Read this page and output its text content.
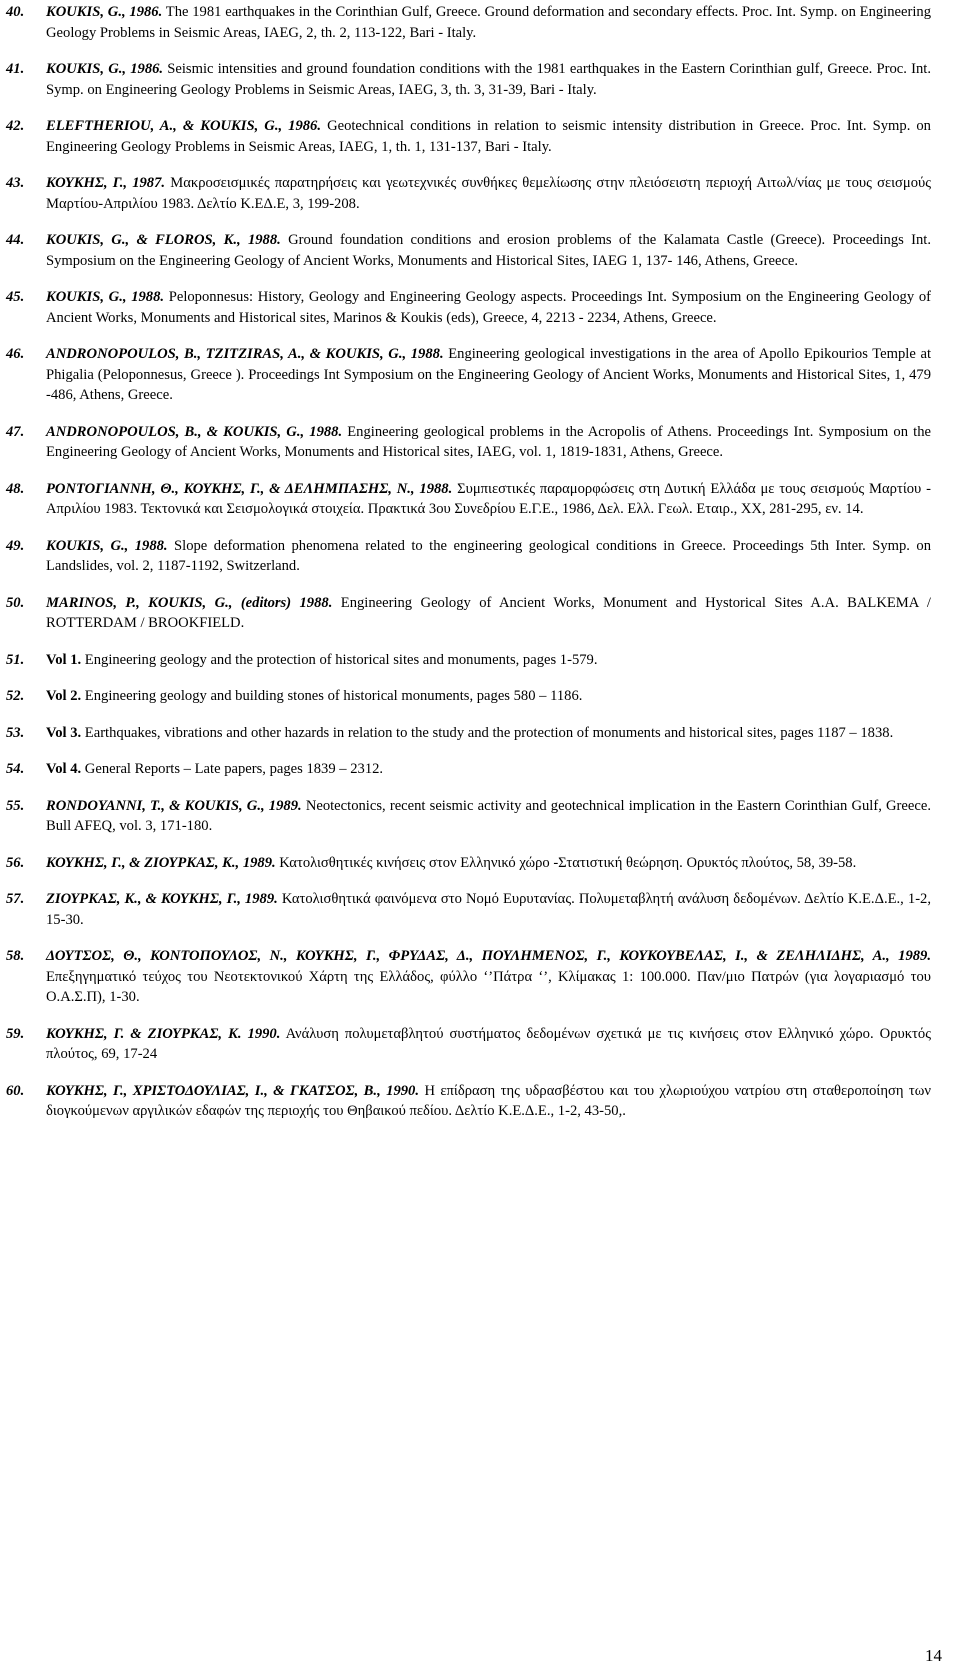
40. KOUKIS, G., 1986. The 1981 earthquakes in the Corinthian Gulf, Greece. Ground deformation and secondary effects. Proc. Int. Symp. on Engineering Geology Problems in Seismic Areas, IAEG, 2, th. 2, 113-122, Bari - Italy.

41. KOUKIS, G., 1986. Seismic intensities and ground foundation conditions with the 1981 earthquakes in the Eastern Corinthian gulf, Greece. Proc. Int. Symp. on Engineering Geology Problems in Seismic Areas, IAEG, 3, th. 3, 31-39, Bari - Italy.

42. ELEFTHERIOU, A., & KOUKIS, G., 1986. Geotechnical conditions in relation to seismic intensity distribution in Greece. Proc. Int. Symp. on Engineering Geology Problems in Seismic Areas, IAEG, 1, th. 1, 131-137, Bari - Italy.

43. ΚΟΥΚΗΣ, Γ., 1987. Μακροσεισμικές παρατηρήσεις και γεωτεχνικές συνθήκες θεμελίωσης στην πλειόσειστη περιοχή Αιτωλ/νίας με τους σεισμούς Μαρτίου-Απριλίου 1983. Δελτίο Κ.ΕΔ.Ε, 3, 199-208.

44. KOUKIS, G., & FLOROS, K., 1988. Ground foundation conditions and erosion problems of the Kalamata Castle (Greece). Proceedings Int. Symposium on the Engineering Geology of Ancient Works, Monuments and Historical Sites, IAEG 1, 137- 146, Athens, Greece.

45. KOUKIS, G., 1988. Peloponnesus: History, Geology and Engineering Geology aspects. Proceedings Int. Symposium on the Engineering Geology of Ancient Works, Monuments and Historical sites, Marinos & Koukis (eds), Greece, 4, 2213 - 2234, Athens, Greece.

46. ANDRONOPOULOS, B., TZITZIRAS, A., & KOUKIS, G., 1988. Engineering geological investigations in the area of Apollo Epikourios Temple at Phigalia (Peloponnesus, Greece ). Proceedings Int Symposium on the Engineering Geology of Ancient Works, Monuments and Historical Sites, 1, 479 -486, Athens, Greece.

47. ANDRONOPOULOS, B., & KOUKIS, G., 1988. Engineering geological problems in the Acropolis of Athens. Proceedings Int. Symposium on the Engineering Geology of Ancient Works, Monuments and Historical sites, IAEG, vol. 1, 1819-1831, Athens, Greece.

48. ΡΟΝΤΟΓΙΑΝΝΗ, Θ., ΚΟΥΚΗΣ, Γ., & ΔΕΛΗΜΠΑΣΗΣ, Ν., 1988. Συμπιεστικές παραμορφώσεις στη Δυτική Ελλάδα με τους σεισμούς Μαρτίου - Απριλίου 1983. Τεκτονικά και Σεισμολογικά στοιχεία. Πρακτικά 3ου Συνεδρίου Ε.Γ.Ε., 1986, Δελ. Ελλ. Γεωλ. Εταιρ., ΧΧ, 281-295, εν. 14.

49. KOUKIS, G., 1988. Slope deformation phenomena related to the engineering geological conditions in Greece. Proceedings 5th Inter. Symp. on Landslides, vol. 2, 1187-1192, Switzerland.

50. MARINOS, P., KOUKIS, G., (editors) 1988. Engineering Geology of Ancient Works, Monument and Hystorical Sites A.A. BALKEMA / ROTTERDAM / BROOKFIELD.

51. Vol 1. Engineering geology and the protection of historical sites and monuments, pages 1-579.

52. Vol 2. Engineering geology and building stones of historical monuments, pages 580 – 1186.

53. Vol 3. Earthquakes, vibrations and other hazards in relation to the study and the protection of monuments and historical sites, pages 1187 – 1838.

54. Vol 4. General Reports – Late papers, pages 1839 – 2312.

55. RONDOYANNI, T., & KOUKIS, G., 1989. Neotectonics, recent seismic activity and geotechnical implication in the Eastern Corinthian Gulf, Greece. Bull AFEQ, vol. 3, 171-180.

56. ΚΟΥΚΗΣ, Γ., & ΖΙΟΥΡΚΑΣ, Κ., 1989. Κατολισθητικές κινήσεις στον Ελληνικό χώρο -Στατιστική θεώρηση. Ορυκτός πλούτος, 58, 39-58.

57. ΖΙΟΥΡΚΑΣ, Κ., & ΚΟΥΚΗΣ, Γ., 1989. Κατολισθητικά φαινόμενα στο Νομό Ευρυτανίας. Πολυμεταβλητή ανάλυση δεδομένων. Δελτίο Κ.Ε.Δ.Ε., 1-2, 15-30.

58. ΔΟΥΤΣΟΣ, Θ., ΚΟΝΤΟΠΟΥΛΟΣ, Ν., ΚΟΥΚΗΣ, Γ., ΦΡΥΔΑΣ, Δ., ΠΟΥΛΗΜΕΝΟΣ, Γ., ΚΟΥΚΟΥΒΕΛΑΣ, Ι., & ΖΕΛΗΛΙΔΗΣ, Α., 1989. Επεξηγηματικό τεύχος του Νεοτεκτονικού Χάρτη της Ελλάδος, φύλλο ‘’Πάτρα ‘’, Κλίμακας 1: 100.000. Παν/μιο Πατρών (για λογαριασμό του Ο.Α.Σ.Π), 1-30.

59. ΚΟΥΚΗΣ, Γ. & ΖΙΟΥΡΚΑΣ, Κ. 1990. Ανάλυση πολυμεταβλητού συστήματος δεδομένων σχετικά με τις κινήσεις στον Ελληνικό χώρο. Ορυκτός πλούτος, 69, 17-24

60. ΚΟΥΚΗΣ, Γ., ΧΡΙΣΤΟΔΟΥΛΙΑΣ, Ι., & ΓΚΑΤΣΟΣ, Β., 1990. Η επίδραση της υδρασβέστου και του χλωριούχου νατρίου στη σταθεροποίηση των διογκούμενων αργιλικών εδαφών της περιοχής του Θηβαικού πεδίου. Δελτίο Κ.Ε.Δ.Ε., 1-2, 43-50,.

14
